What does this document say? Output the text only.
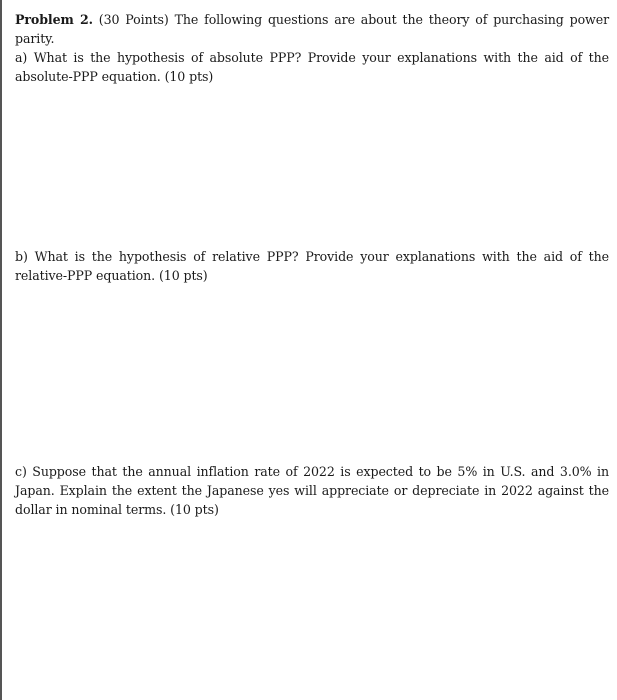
Problem 2. (30 Points) The following questions are about the theory of purchasing power parity.
a) What is the hypothesis of absolute PPP? Provide your explanations with the aid of the absolute-PPP equation. (10 pts)

b) What is the hypothesis of relative PPP? Provide your explanations with the aid of the relative-PPP equation. (10 pts)

c) Suppose that the annual inflation rate of 2022 is expected to be 5% in U.S. and 3.0% in Japan. Explain the extent the Japanese yes will appreciate or depreciate in 2022 against the dollar in nominal terms. (10 pts)
